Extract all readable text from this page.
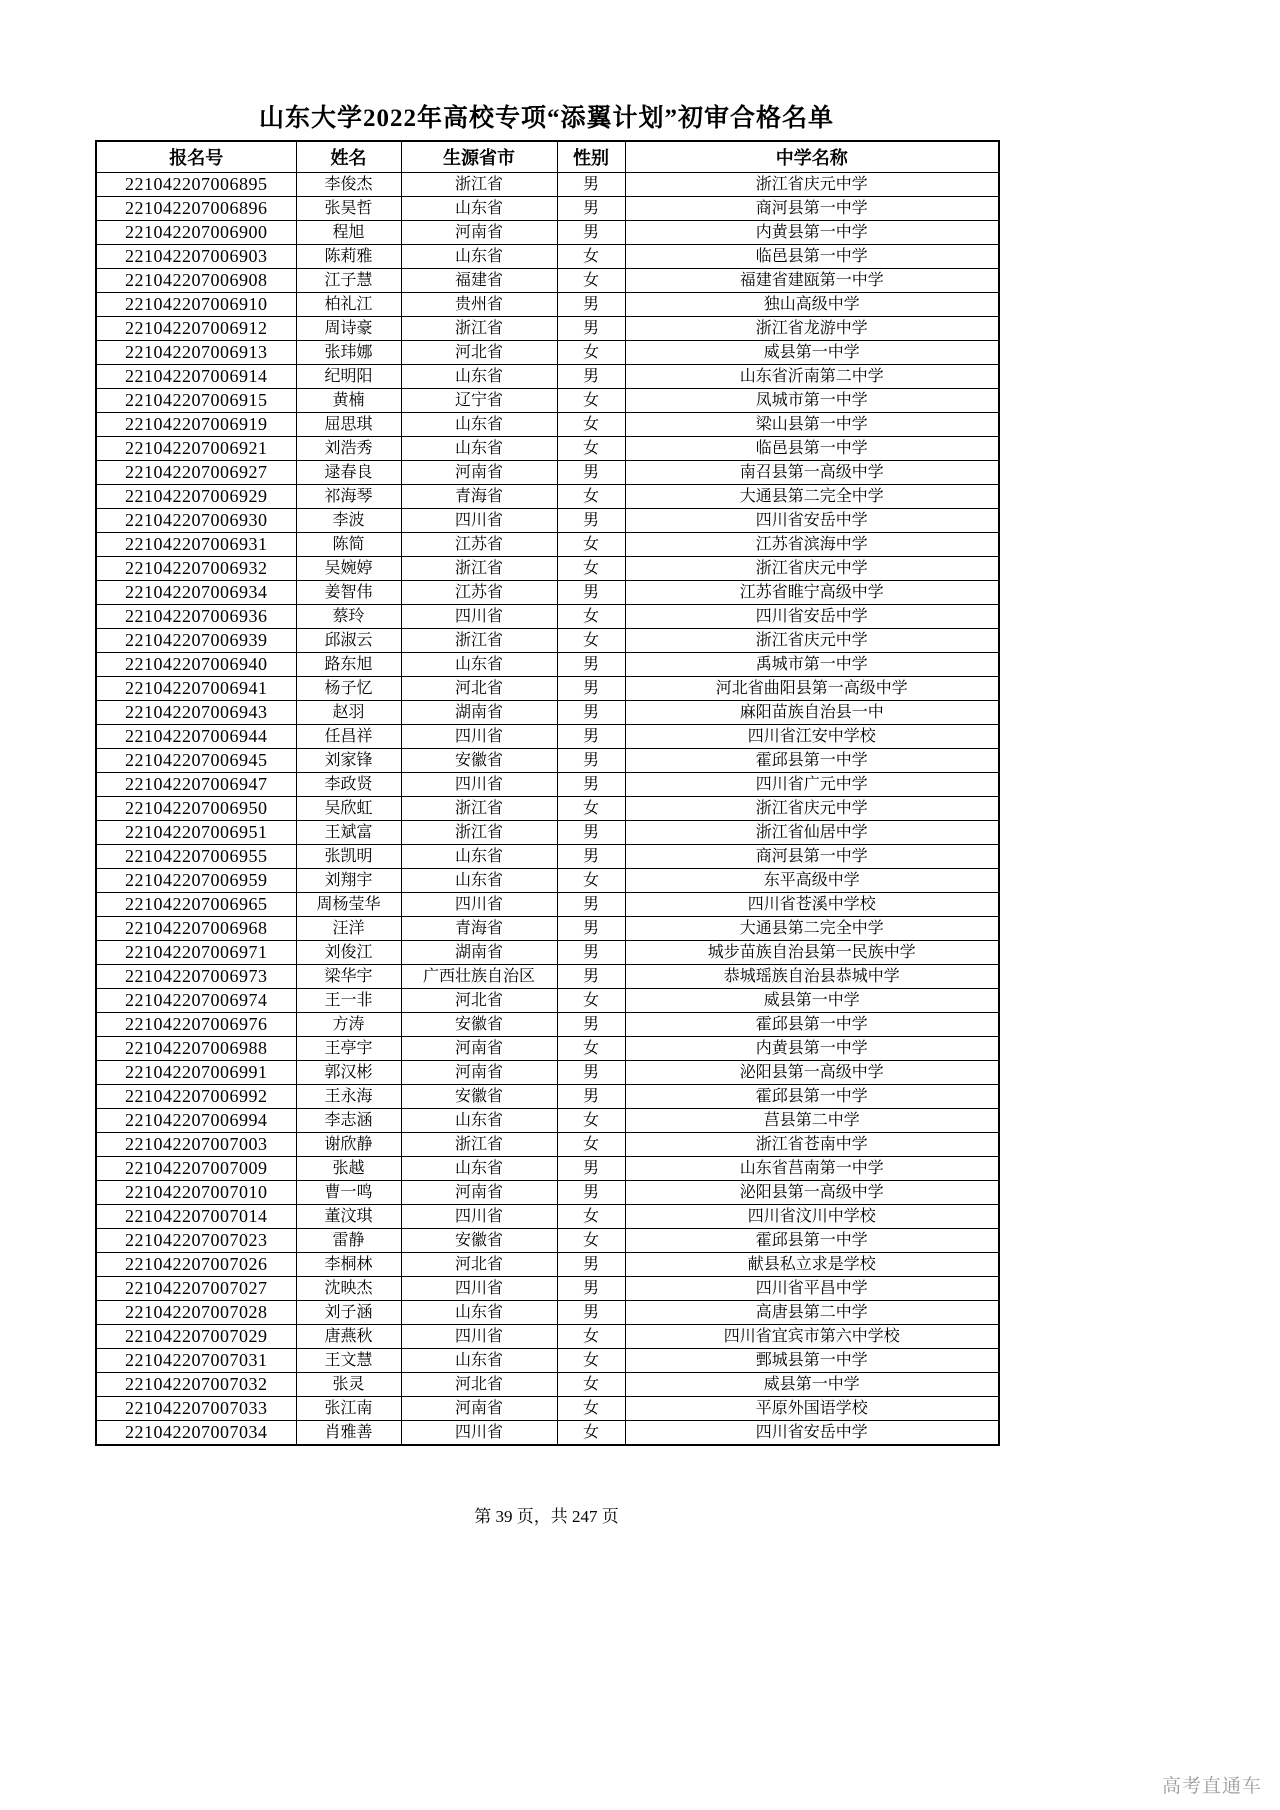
山东大学2022年高校专项“添翼计划”初审合格名单
报名号	姓名	生源省市	性别	中学名称
221042207006895	李俊杰	浙江省	男	浙江省庆元中学
221042207006896	张昊哲	山东省	男	商河县第一中学
221042207006900	程旭	河南省	男	内黄县第一中学
221042207006903	陈莉雅	山东省	女	临邑县第一中学
221042207006908	江子慧	福建省	女	福建省建瓯第一中学
221042207006910	柏礼江	贵州省	男	独山高级中学
221042207006912	周诗豪	浙江省	男	浙江省龙游中学
221042207006913	张玮娜	河北省	女	威县第一中学
221042207006914	纪明阳	山东省	男	山东省沂南第二中学
221042207006915	黄楠	辽宁省	女	凤城市第一中学
221042207006919	屈思琪	山东省	女	梁山县第一中学
221042207006921	刘浩秀	山东省	女	临邑县第一中学
221042207006927	逯春良	河南省	男	南召县第一高级中学
221042207006929	祁海琴	青海省	女	大通县第二完全中学
221042207006930	李波	四川省	男	四川省安岳中学
221042207006931	陈简	江苏省	女	江苏省滨海中学
221042207006932	吴婉婷	浙江省	女	浙江省庆元中学
221042207006934	姜智伟	江苏省	男	江苏省睢宁高级中学
221042207006936	蔡玲	四川省	女	四川省安岳中学
221042207006939	邱淑云	浙江省	女	浙江省庆元中学
221042207006940	路东旭	山东省	男	禹城市第一中学
221042207006941	杨子忆	河北省	男	河北省曲阳县第一高级中学
221042207006943	赵羽	湖南省	男	麻阳苗族自治县一中
221042207006944	任昌祥	四川省	男	四川省江安中学校
221042207006945	刘家锋	安徽省	男	霍邱县第一中学
221042207006947	李政贤	四川省	男	四川省广元中学
221042207006950	吴欣虹	浙江省	女	浙江省庆元中学
221042207006951	王斌富	浙江省	男	浙江省仙居中学
221042207006955	张凯明	山东省	男	商河县第一中学
221042207006959	刘翔宇	山东省	女	东平高级中学
221042207006965	周杨莹华	四川省	男	四川省苍溪中学校
221042207006968	汪洋	青海省	男	大通县第二完全中学
221042207006971	刘俊江	湖南省	男	城步苗族自治县第一民族中学
221042207006973	梁华宇	广西壮族自治区	男	恭城瑶族自治县恭城中学
221042207006974	王一非	河北省	女	威县第一中学
221042207006976	方涛	安徽省	男	霍邱县第一中学
221042207006988	王亭宇	河南省	女	内黄县第一中学
221042207006991	郭汉彬	河南省	男	泌阳县第一高级中学
221042207006992	王永海	安徽省	男	霍邱县第一中学
221042207006994	李志涵	山东省	女	莒县第二中学
221042207007003	谢欣静	浙江省	女	浙江省苍南中学
221042207007009	张越	山东省	男	山东省莒南第一中学
221042207007010	曹一鸣	河南省	男	泌阳县第一高级中学
221042207007014	董汶琪	四川省	女	四川省汶川中学校
221042207007023	雷静	安徽省	女	霍邱县第一中学
221042207007026	李桐林	河北省	男	献县私立求是学校
221042207007027	沈映杰	四川省	男	四川省平昌中学
221042207007028	刘子涵	山东省	男	高唐县第二中学
221042207007029	唐燕秋	四川省	女	四川省宜宾市第六中学校
221042207007031	王文慧	山东省	女	鄄城县第一中学
221042207007032	张灵	河北省	女	威县第一中学
221042207007033	张江南	河南省	女	平原外国语学校
221042207007034	肖雅善	四川省	女	四川省安岳中学
第 39 页，共 247 页
高考直通车
